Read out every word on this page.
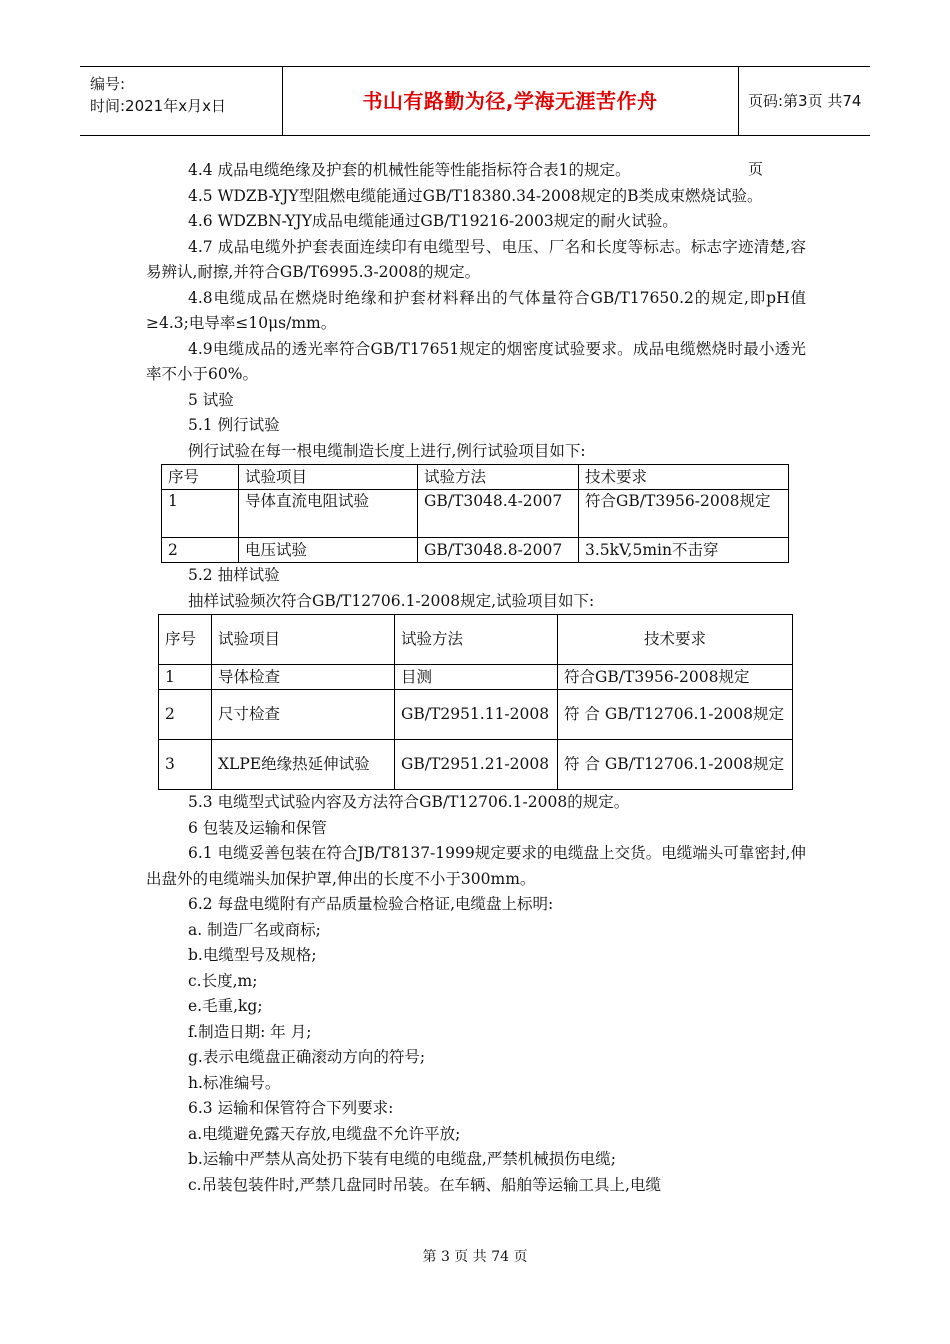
编号:
时间:2021年x月x日	书山有路勤为径,学海无涯苦作舟	页码:第3页 共74页

4.4 成品电缆绝缘及护套的机械性能等性能指标符合表1的规定。

4.5 WDZB-YJY型阻燃电缆能通过GB/T18380.34-2008规定的B类成束燃烧试验。

4.6 WDZBN-YJY成品电缆能通过GB/T19216-2003规定的耐火试验。

4.7 成品电缆外护套表面连续印有电缆型号、电压、厂名和长度等标志。标志字迹清楚,容易辨认,耐擦,并符合GB/T6995.3-2008的规定。

4.8电缆成品在燃烧时绝缘和护套材料释出的气体量符合GB/T17650.2的规定,即pH值≥4.3;电导率≤10μs/mm。

4.9电缆成品的透光率符合GB/T17651规定的烟密度试验要求。成品电缆燃烧时最小透光率不小于60%。

5 试验

5.1 例行试验

例行试验在每一根电缆制造长度上进行,例行试验项目如下:

序号	试验项目	试验方法	技术要求
1	导体直流电阻试验	GB/T3048.4-2007	符合GB/T3956-2008规定
2	电压试验	GB/T3048.8-2007	3.5kV,5min不击穿

5.2 抽样试验

抽样试验频次符合GB/T12706.1-2008规定,试验项目如下:

序号	试验项目	试验方法	技术要求
1	导体检查	目测	符合GB/T3956-2008规定
2	尺寸检查	GB/T2951.11-2008	符 合 GB/T12706.1-2008规定
3	XLPE绝缘热延伸试验	GB/T2951.21-2008	符 合 GB/T12706.1-2008规定

5.3 电缆型式试验内容及方法符合GB/T12706.1-2008的规定。

6 包装及运输和保管

6.1 电缆妥善包装在符合JB/T8137-1999规定要求的电缆盘上交货。电缆端头可靠密封,伸出盘外的电缆端头加保护罩,伸出的长度不小于300mm。

6.2 每盘电缆附有产品质量检验合格证,电缆盘上标明:

a. 制造厂名或商标;

b.电缆型号及规格;

c.长度,m;

e.毛重,kg;

f.制造日期: 年 月;

g.表示电缆盘正确滚动方向的符号;

h.标准编号。

6.3 运输和保管符合下列要求:

a.电缆避免露天存放,电缆盘不允许平放;

b.运输中严禁从高处扔下装有电缆的电缆盘,严禁机械损伤电缆;

c.吊装包装件时,严禁几盘同时吊装。在车辆、船舶等运输工具上,电缆

第 3 页 共 74 页
